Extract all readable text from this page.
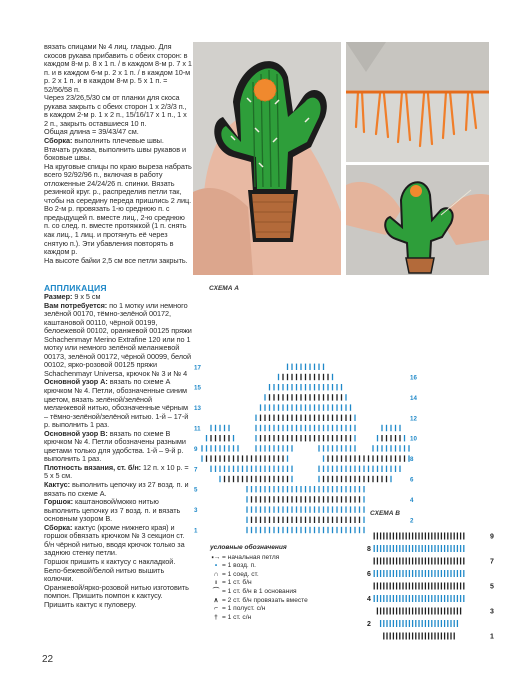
вязать спицами № 4 лиц. гладью. Для скосов рукава прибавить с обеих сторон: в каждом 8-м р. 8 x 1 п. / в каждом 8-м р. 7 x 1 п. и в каждом 6-м р. 2 x 1 п. / в каждом 10-м р. 2 x 1 п. и в каждом 8-м р. 5 x 1 п. = 52/56/58 п.

Через 23/26,5/30 см от планки для скоса рукава закрыть с обеих сторон 1 x 2/3/3 п., в каждом 2-м р. 1 x 2 п., 15/16/17 x 1 п., 1 x 2 п., закрыть оставшиеся 10 п.

Общая длина = 39/43/47 см.

Сборка: выполнить плечевые швы. Втачать рукава, выполнить швы рукавов и боковые швы.

На круговые спицы по краю выреза набрать всего 92/92/96 п., включая в работу отложенные 24/24/26 п. спинки. Вязать резинкой круг. р., распределив петли так, чтобы на середину переда пришлись 2 лиц. Во 2-м р. провязать 1-ю среднюю п. с предыдущей п. вместе лиц., 2-ю среднюю п. со след. п. вместе протяжкой (1 п. снять как лиц., 1 лиц. и протянуть её через снятую п.). Эти убавления повторять в каждом р.

На высоте байки 2,5 см все петли закрыть.

АППЛИКАЦИЯ

Размер: 9 x 5 см

Вам потребуется: по 1 мотку или немного зелёной 00170, тёмно-зелёной 00172, каштановой 00110, чёрной 00199, белоежевой 00102, оранжевой 00125 пряжи Schachenmayr Merino Extrafine 120 или по 1 мотку или немного зелёной меланжевой 00173, зелёной 00172, чёрной 00099, белой 00102, ярко-розовой 00125 пряжи Schachenmayr Universa, крючок № 3 и № 4

Основной узор А: вязать по схеме А крючком № 4. Петли, обозначенные синим цветом, вязать зелёной/зелёной меланжевой нитью, обозначенные чёрным – тёмно-зелёной/зелёной нитью. 1-й – 17-й р. выполнить 1 раз.

Основной узор В: вязать по схеме В крючком № 4. Петли обозначены разными цветами только для удобства. 1-й – 9-й р. выполнить 1 раз.

Плотность вязания, ст. б/н: 12 п. x 10 р. = 5 x 5 см.

Кактус: выполнить цепочку из 27 возд. п. и вязать по схеме А.

Горшок: каштановой/мокко нитью выполнить цепочку из 7 возд. п. и вязать основным узором В.

Сборка: кактус (кроме нижнего края) и горшок обвязать крючком № 3 секцион ст. б/н чёрной нитью, вводя крючок только за заднюю стенку петли.

Горшок пришить к кактусу с накладкой.

Бело-бежевой/белой нитью вышить колючки.

Оранжевой/ярко-розовой нитью изготовить помпон. Пришить помпон к кактусу. Пришить кактус к пуловеру.

СХЕМА А
СХЕМА В
1
2
3
4
5
6
7
8
9
10
11
12
13
14
15
16
17
1
2
3
4
5
6
7
8
9
условные обозначения
⬝→ = начальная петля
• = 1 возд. п.
∩ = 1 соед. ст.
ı = 1 ст. б/н
⌒ = 1 ст. б/н в 1 основания
∧ = 2 ст. б/н провязать вместе
⌐ = 1 полуст. с/н
† = 1 ст. с/н
22
